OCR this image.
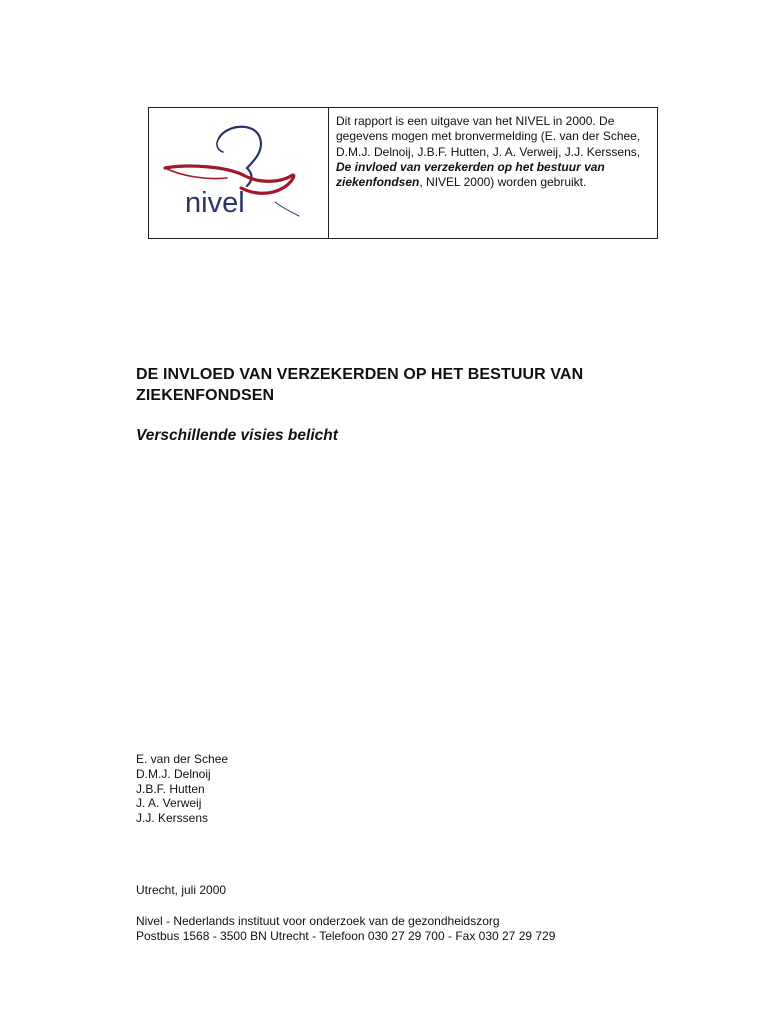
nivel
Dit rapport is een uitgave van het NIVEL in 2000. De gegevens mogen met bronvermelding (E. van der Schee, D.M.J. Delnoij, J.B.F. Hutten, J. A. Verweij, J.J. Kerssens, De invloed van verzekerden op het bestuur van ziekenfondsen, NIVEL 2000) worden gebruikt.
DE INVLOED VAN VERZEKERDEN OP HET BESTUUR VAN ZIEKENFONDSEN
Verschillende visies belicht
E. van der Schee
D.M.J. Delnoij
J.B.F. Hutten
J. A. Verweij
J.J. Kerssens
Utrecht, juli 2000
Nivel - Nederlands instituut voor onderzoek van de gezondheidszorg
Postbus 1568 - 3500 BN Utrecht - Telefoon 030 27 29 700 - Fax 030 27 29 729
